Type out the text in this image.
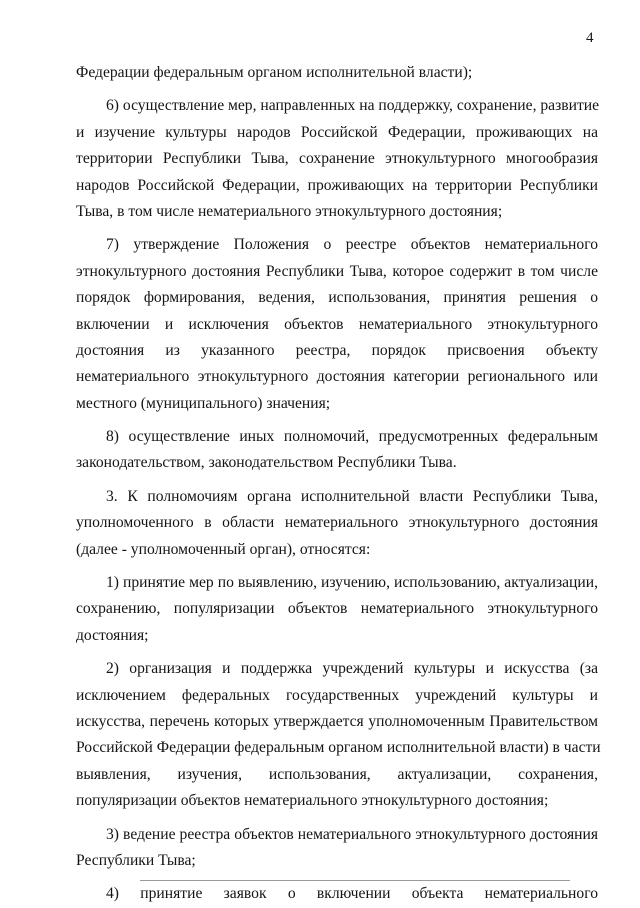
4
Федерации федеральным органом исполнительной власти);
6) осуществление мер, направленных на поддержку, сохранение, развитие
и изучение культуры народов Российской Федерации, проживающих на
территории Республики Тыва, сохранение этнокультурного многообразия
народов Российской Федерации, проживающих на территории Республики
Тыва, в том числе нематериального этнокультурного достояния;
7) утверждение Положения о реестре объектов нематериального
этнокультурного достояния Республики Тыва, которое содержит в том числе
порядок формирования, ведения, использования, принятия решения о
включении и исключения объектов нематериального этнокультурного
достояния из указанного реестра, порядок присвоения объекту
нематериального этнокультурного достояния категории регионального или
местного (муниципального) значения;
8) осуществление иных полномочий, предусмотренных федеральным
законодательством, законодательством Республики Тыва.
3. К полномочиям органа исполнительной власти Республики Тыва,
уполномоченного в области нематериального этнокультурного достояния
(далее - уполномоченный орган), относятся:
1) принятие мер по выявлению, изучению, использованию, актуализации,
сохранению, популяризации объектов нематериального этнокультурного
достояния;
2) организация и поддержка учреждений культуры и искусства (за
исключением федеральных государственных учреждений культуры и
искусства, перечень которых утверждается уполномоченным Правительством
Российской Федерации федеральным органом исполнительной власти) в части
выявления, изучения, использования, актуализации, сохранения,
популяризации объектов нематериального этнокультурного достояния;
3) ведение реестра объектов нематериального этнокультурного достояния
Республики Тыва;
4) принятие заявок о включении объекта нематериального
